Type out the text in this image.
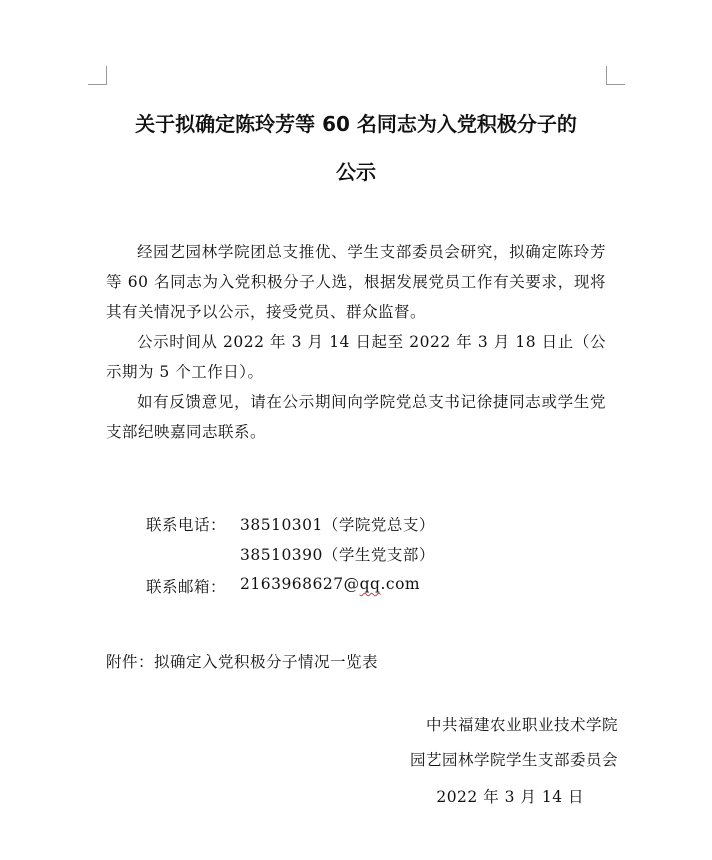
关于拟确定陈玲芳等 60 名同志为入党积极分子的
公示

经园艺园林学院团总支推优、学生支部委员会研究，拟确定陈玲芳等 60 名同志为入党积极分子人选，根据发展党员工作有关要求，现将其有关情况予以公示，接受党员、群众监督。

公示时间从 2022 年 3 月 14 日起至 2022 年 3 月 18 日止（公示期为 5 个工作日）。

如有反馈意见，请在公示期间向学院党总支书记徐捷同志或学生党支部纪映嘉同志联系。

联系电话： 38510301（学院党总支）
38510390（学生党支部）
联系邮箱： 2163968627@qq.com
附件：拟确定入党积极分子情况一览表
中共福建农业职业技术学院
园艺园林学院学生支部委员会
2022 年 3 月 14 日
